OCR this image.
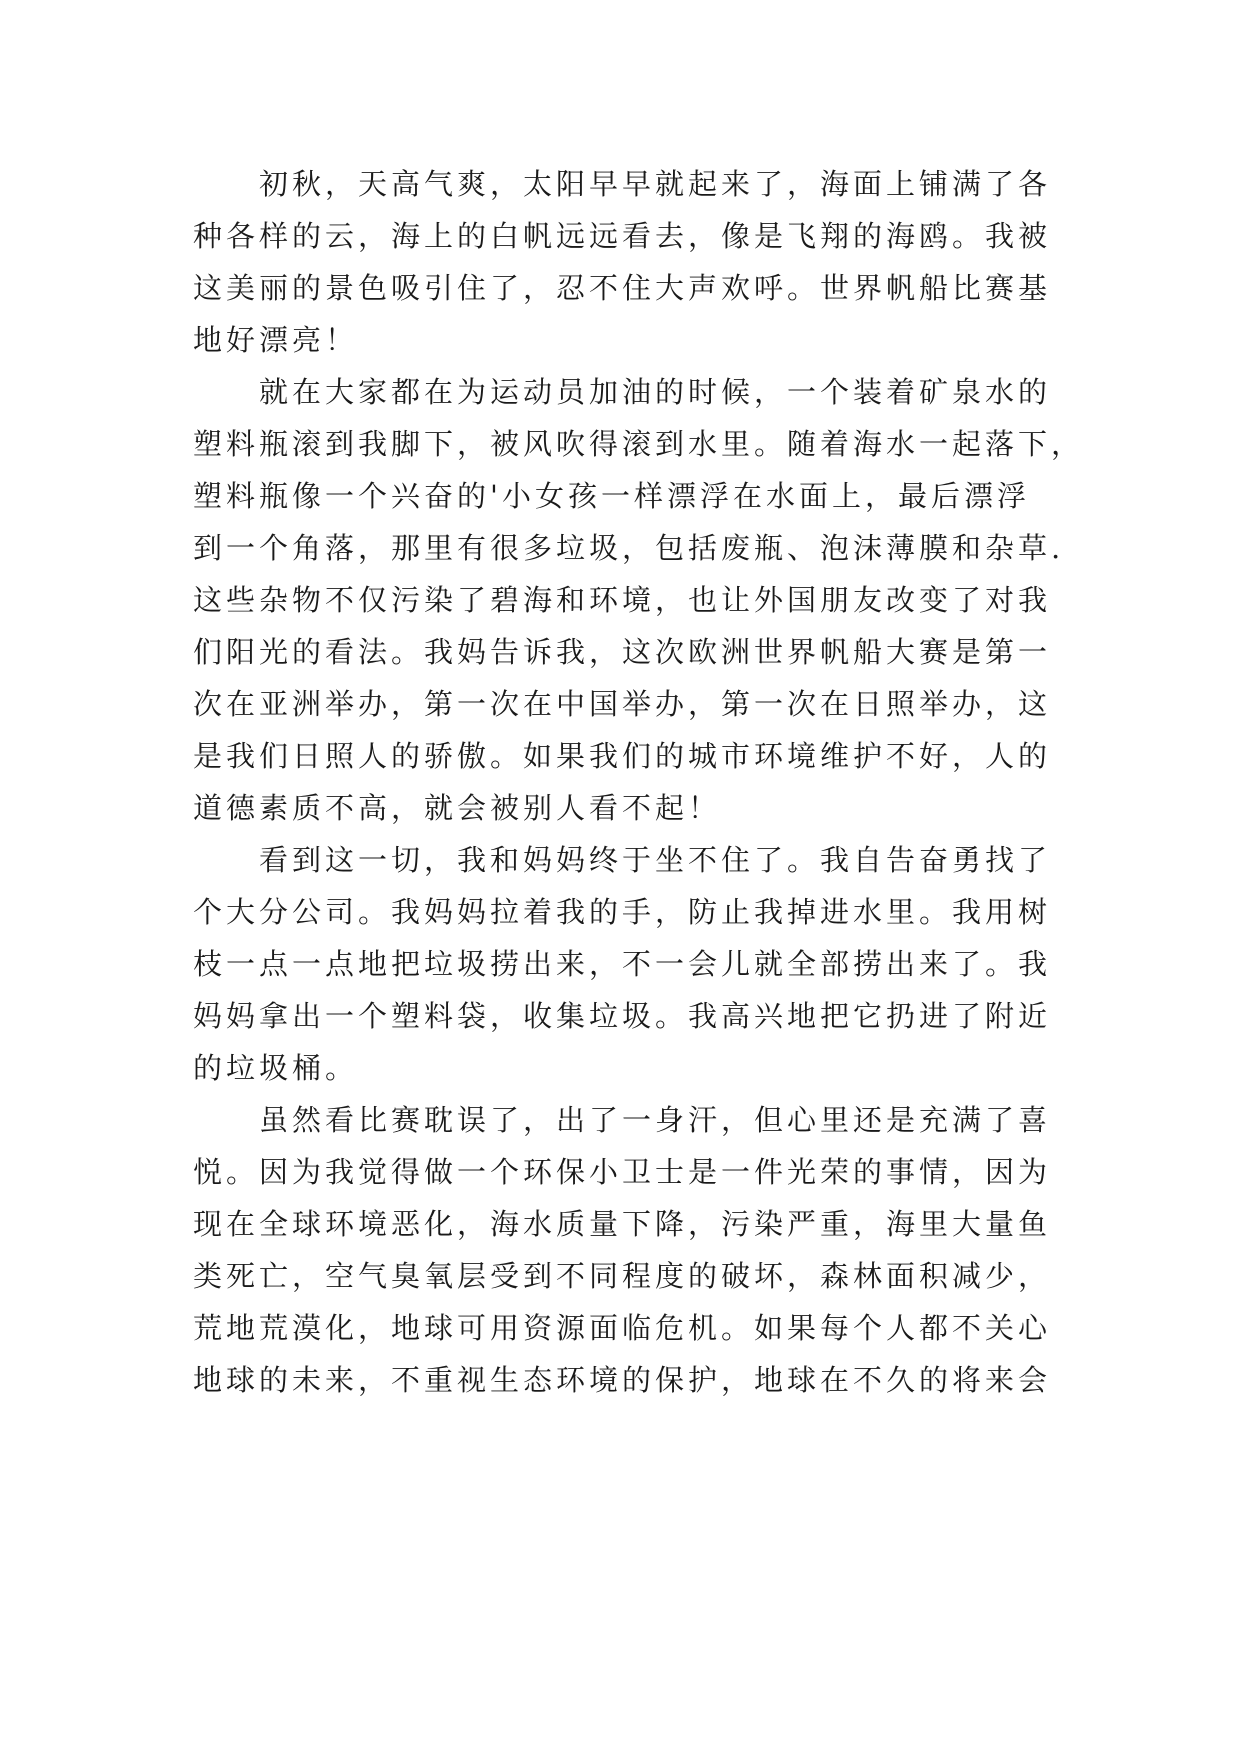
初秋，天高气爽，太阳早早就起来了，海面上铺满了各
种各样的云，海上的白帆远远看去，像是飞翔的海鸥。我被
这美丽的景色吸引住了，忍不住大声欢呼。世界帆船比赛基
地好漂亮！

就在大家都在为运动员加油的时候，一个装着矿泉水的
塑料瓶滚到我脚下，被风吹得滚到水里。随着海水一起落下，
塑料瓶像一个兴奋的'小女孩一样漂浮在水面上，最后漂浮
到一个角落，那里有很多垃圾，包括废瓶、泡沫薄膜和杂草.
这些杂物不仅污染了碧海和环境，也让外国朋友改变了对我
们阳光的看法。我妈告诉我，这次欧洲世界帆船大赛是第一
次在亚洲举办，第一次在中国举办，第一次在日照举办，这
是我们日照人的骄傲。如果我们的城市环境维护不好，人的
道德素质不高，就会被别人看不起！

看到这一切，我和妈妈终于坐不住了。我自告奋勇找了
个大分公司。我妈妈拉着我的手，防止我掉进水里。我用树
枝一点一点地把垃圾捞出来，不一会儿就全部捞出来了。我
妈妈拿出一个塑料袋，收集垃圾。我高兴地把它扔进了附近
的垃圾桶。

虽然看比赛耽误了，出了一身汗，但心里还是充满了喜
悦。因为我觉得做一个环保小卫士是一件光荣的事情，因为
现在全球环境恶化，海水质量下降，污染严重，海里大量鱼
类死亡，空气臭氧层受到不同程度的破坏，森林面积减少，
荒地荒漠化，地球可用资源面临危机。如果每个人都不关心
地球的未来，不重视生态环境的保护，地球在不久的将来会
